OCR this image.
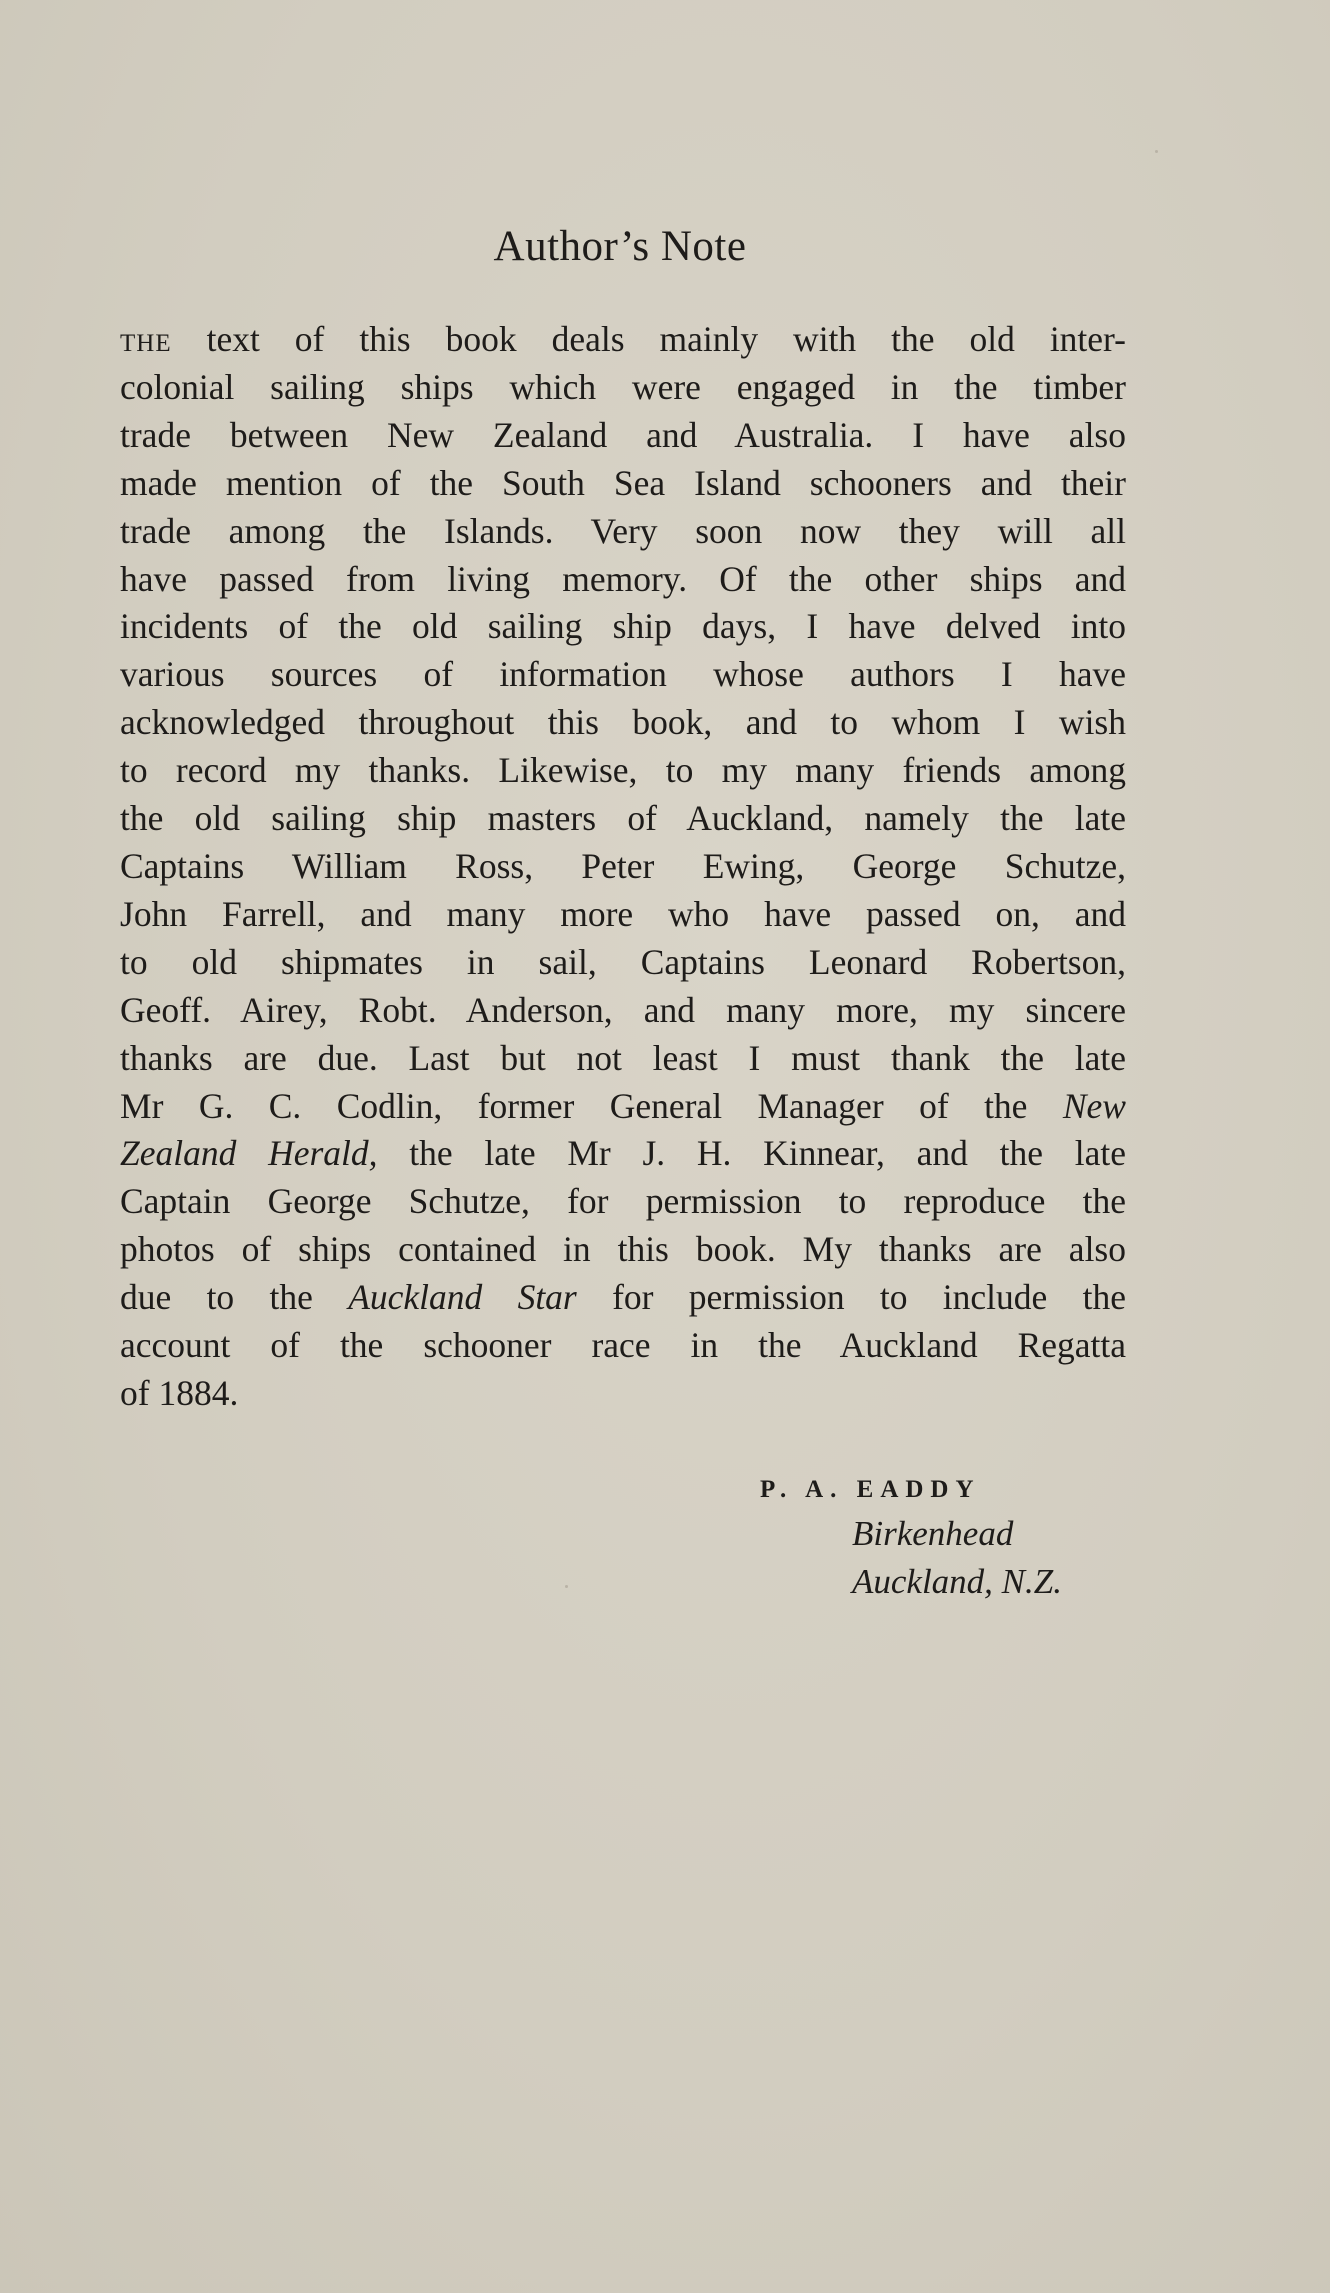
Author’s Note
the text of this book deals mainly with the old inter-
colonial sailing ships which were engaged in the timber
trade between New Zealand and Australia. I have also
made mention of the South Sea Island schooners and their
trade among the Islands. Very soon now they will all
have passed from living memory. Of the other ships and
incidents of the old sailing ship days, I have delved into
various sources of information whose authors I have
acknowledged throughout this book, and to whom I wish
to record my thanks. Likewise, to my many friends among
the old sailing ship masters of Auckland, namely the late
Captains William Ross, Peter Ewing, George Schutze,
John Farrell, and many more who have passed on, and
to old shipmates in sail, Captains Leonard Robertson,
Geoff. Airey, Robt. Anderson, and many more, my sincere
thanks are due. Last but not least I must thank the late
Mr G. C. Codlin, former General Manager of the New
Zealand Herald, the late Mr J. H. Kinnear, and the late
Captain George Schutze, for permission to reproduce the
photos of ships contained in this book. My thanks are also
due to the Auckland Star for permission to include the
account of the schooner race in the Auckland Regatta
of 1884.

P. A. EADDY

Birkenhead

Auckland, N.Z.
